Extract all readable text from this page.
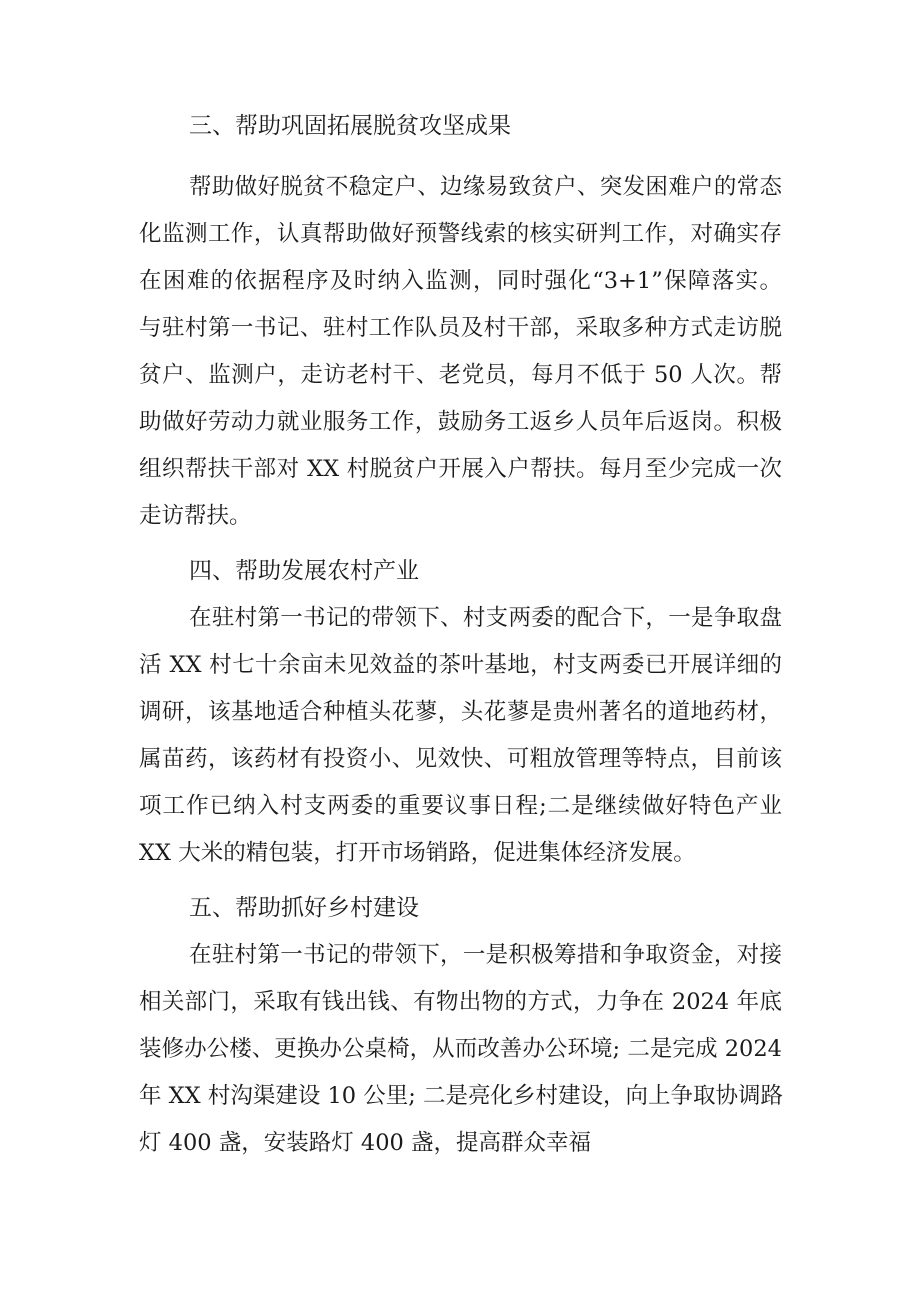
三、帮助巩固拓展脱贫攻坚成果

帮助做好脱贫不稳定户、边缘易致贫户、突发困难户的常态

化监测工作，认真帮助做好预警线索的核实研判工作，对确实存

在困难的依据程序及时纳入监测，同时强化“3+1”保障落实。

与驻村第一书记、驻村工作队员及村干部，采取多种方式走访脱

贫户、监测户，走访老村干、老党员，每月不低于 50 人次。帮

助做好劳动力就业服务工作，鼓励务工返乡人员年后返岗。积极

组织帮扶干部对 XX 村脱贫户开展入户帮扶。每月至少完成一次

走访帮扶。

四、帮助发展农村产业

在驻村第一书记的带领下、村支两委的配合下，一是争取盘

活 XX 村七十余亩未见效益的茶叶基地，村支两委已开展详细的

调研，该基地适合种植头花蓼，头花蓼是贵州著名的道地药材，

属苗药，该药材有投资小、见效快、可粗放管理等特点，目前该

项工作已纳入村支两委的重要议事日程;二是继续做好特色产业

XX 大米的精包装，打开市场销路，促进集体经济发展。

五、帮助抓好乡村建设

在驻村第一书记的带领下，一是积极筹措和争取资金，对接

相关部门，采取有钱出钱、有物出物的方式，力争在 2024 年底

装修办公楼、更换办公桌椅，从而改善办公环境; 二是完成 2024

年 XX 村沟渠建设 10 公里; 二是亮化乡村建设，向上争取协调路

灯 400 盏，安装路灯 400 盏，提高群众幸福
